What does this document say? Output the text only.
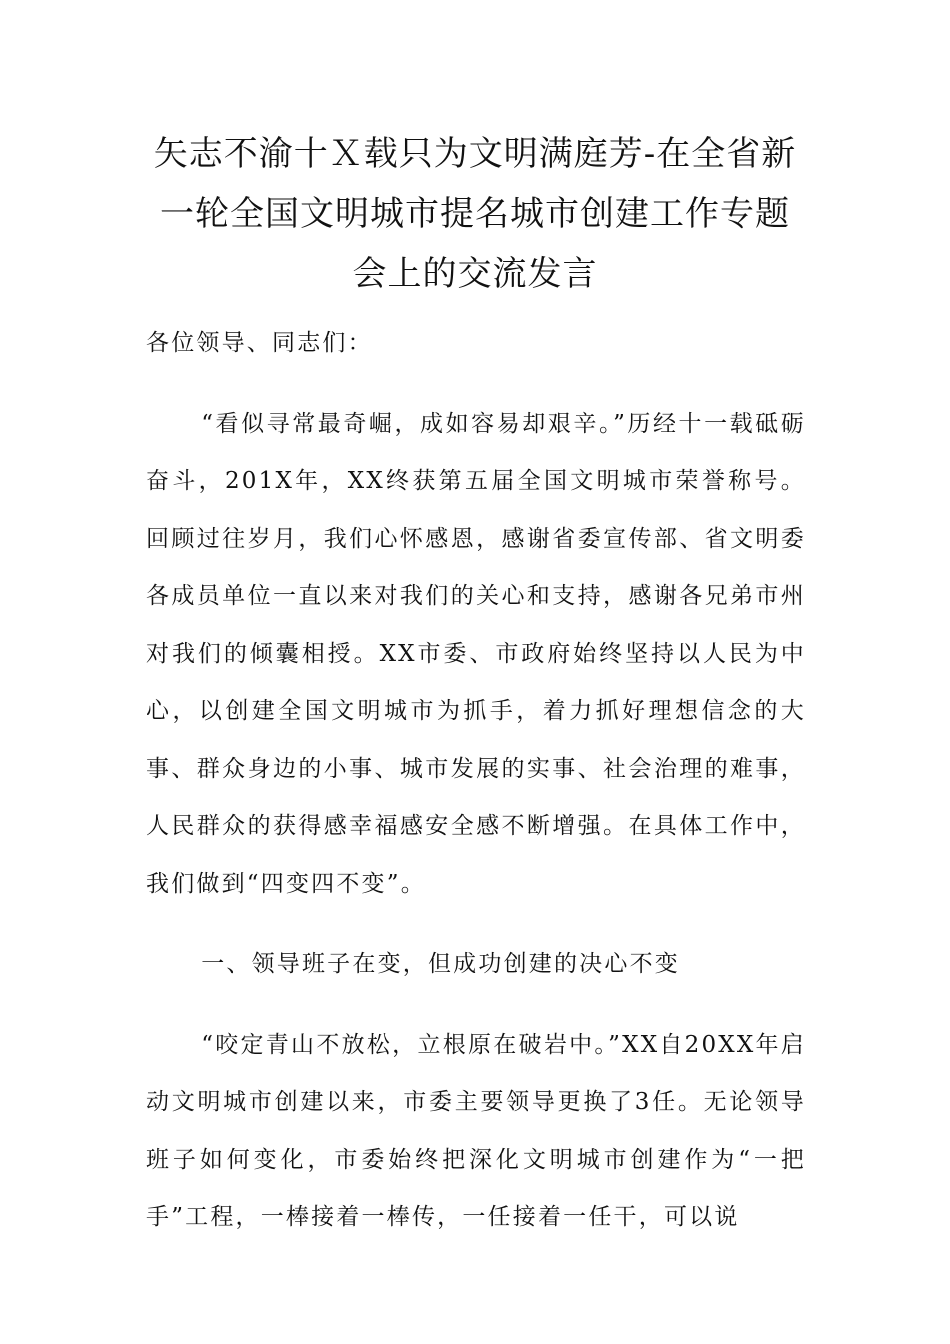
矢志不渝十Ｘ载只为文明满庭芳-在全省新
一轮全国文明城市提名城市创建工作专题
会上的交流发言
各位领导、同志们：

“看似寻常最奇崛，成如容易却艰辛。”历经十一载砥砺奋斗，201X年，XX终获第五届全国文明城市荣誉称号。回顾过往岁月，我们心怀感恩，感谢省委宣传部、省文明委各成员单位一直以来对我们的关心和支持，感谢各兄弟市州对我们的倾囊相授。XX市委、市政府始终坚持以人民为中心，以创建全国文明城市为抓手，着力抓好理想信念的大事、群众身边的小事、城市发展的实事、社会治理的难事，人民群众的获得感幸福感安全感不断增强。在具体工作中，我们做到“四变四不变”。

一、领导班子在变，但成功创建的决心不变

“咬定青山不放松，立根原在破岩中。”XX自20XX年启动文明城市创建以来，市委主要领导更换了3任。无论领导班子如何变化，市委始终把深化文明城市创建作为“一把手”工程，一棒接着一棒传，一任接着一任干，可以说
